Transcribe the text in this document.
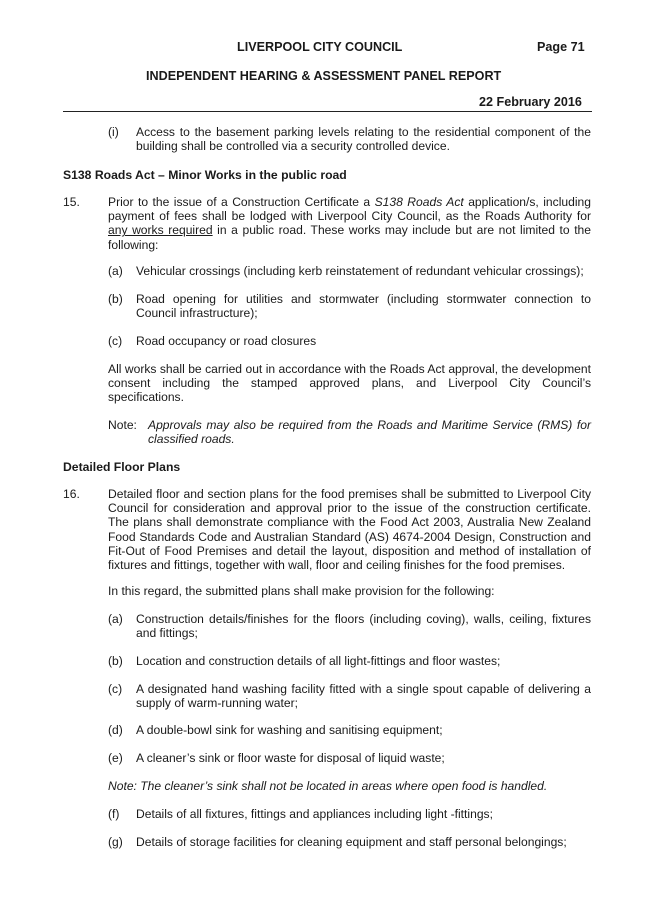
LIVERPOOL CITY COUNCIL	Page 71
INDEPENDENT HEARING & ASSESSMENT PANEL REPORT
22 February 2016
(i) Access to the basement parking levels relating to the residential component of the building shall be controlled via a security controlled device.
S138 Roads Act – Minor Works in the public road
15. Prior to the issue of a Construction Certificate a S138 Roads Act application/s, including payment of fees shall be lodged with Liverpool City Council, as the Roads Authority for any works required in a public road. These works may include but are not limited to the following:
(a) Vehicular crossings (including kerb reinstatement of redundant vehicular crossings);
(b) Road opening for utilities and stormwater (including stormwater connection to Council infrastructure);
(c) Road occupancy or road closures
All works shall be carried out in accordance with the Roads Act approval, the development consent including the stamped approved plans, and Liverpool City Council’s specifications.
Note: Approvals may also be required from the Roads and Maritime Service (RMS) for classified roads.
Detailed Floor Plans
16. Detailed floor and section plans for the food premises shall be submitted to Liverpool City Council for consideration and approval prior to the issue of the construction certificate. The plans shall demonstrate compliance with the Food Act 2003, Australia New Zealand Food Standards Code and Australian Standard (AS) 4674-2004 Design, Construction and Fit-Out of Food Premises and detail the layout, disposition and method of installation of fixtures and fittings, together with wall, floor and ceiling finishes for the food premises.
In this regard, the submitted plans shall make provision for the following:
(a) Construction details/finishes for the floors (including coving), walls, ceiling, fixtures and fittings;
(b) Location and construction details of all light-fittings and floor wastes;
(c) A designated hand washing facility fitted with a single spout capable of delivering a supply of warm-running water;
(d) A double-bowl sink for washing and sanitising equipment;
(e) A cleaner’s sink or floor waste for disposal of liquid waste;
Note: The cleaner’s sink shall not be located in areas where open food is handled.
(f) Details of all fixtures, fittings and appliances including light -fittings;
(g) Details of storage facilities for cleaning equipment and staff personal belongings;
